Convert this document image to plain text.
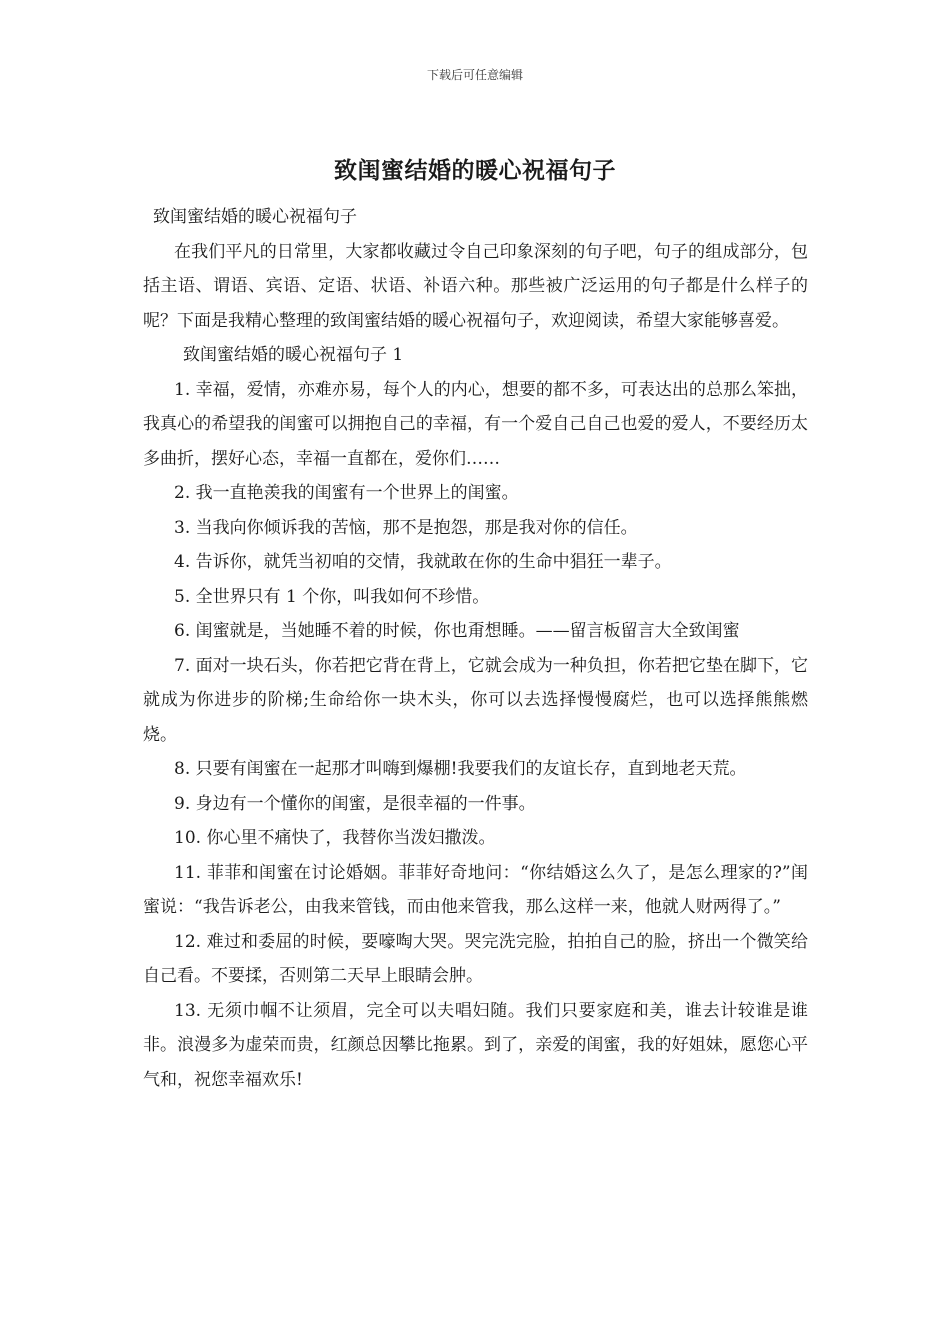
下载后可任意编辑
致闺蜜结婚的暖心祝福句子

致闺蜜结婚的暖心祝福句子

在我们平凡的日常里，大家都收藏过令自己印象深刻的句子吧，句子的组成部分，包括主语、谓语、宾语、定语、状语、补语六种。那些被广泛运用的句子都是什么样子的呢？下面是我精心整理的致闺蜜结婚的暖心祝福句子，欢迎阅读，希望大家能够喜爱。

致闺蜜结婚的暖心祝福句子 1

1. 幸福，爱情，亦难亦易，每个人的内心，想要的都不多，可表达出的总那么笨拙，我真心的希望我的闺蜜可以拥抱自己的幸福，有一个爱自己自己也爱的爱人，不要经历太多曲折，摆好心态，幸福一直都在，爱你们……

2. 我一直艳羡我的闺蜜有一个世界上的闺蜜。

3. 当我向你倾诉我的苦恼，那不是抱怨，那是我对你的信任。

4. 告诉你，就凭当初咱的交情，我就敢在你的生命中猖狂一辈子。

5. 全世界只有 1 个你，叫我如何不珍惜。

6. 闺蜜就是，当她睡不着的时候，你也甭想睡。——留言板留言大全致闺蜜

7. 面对一块石头，你若把它背在背上，它就会成为一种负担，你若把它垫在脚下，它就成为你进步的阶梯;生命给你一块木头，你可以去选择慢慢腐烂，也可以选择熊熊燃烧。

8. 只要有闺蜜在一起那才叫嗨到爆棚!我要我们的友谊长存，直到地老天荒。

9. 身边有一个懂你的闺蜜，是很幸福的一件事。

10. 你心里不痛快了，我替你当泼妇撒泼。

11. 菲菲和闺蜜在讨论婚姻。菲菲好奇地问：“你结婚这么久了，是怎么理家的?”闺蜜说：“我告诉老公，由我来管钱，而由他来管我，那么这样一来，他就人财两得了。”

12. 难过和委屈的时候，要嚎啕大哭。哭完洗完脸，拍拍自己的脸，挤出一个微笑给自己看。不要揉，否则第二天早上眼睛会肿。

13. 无须巾帼不让须眉，完全可以夫唱妇随。我们只要家庭和美，谁去计较谁是谁非。浪漫多为虚荣而贵，红颜总因攀比拖累。到了，亲爱的闺蜜，我的好姐妹，愿您心平气和，祝您幸福欢乐!
